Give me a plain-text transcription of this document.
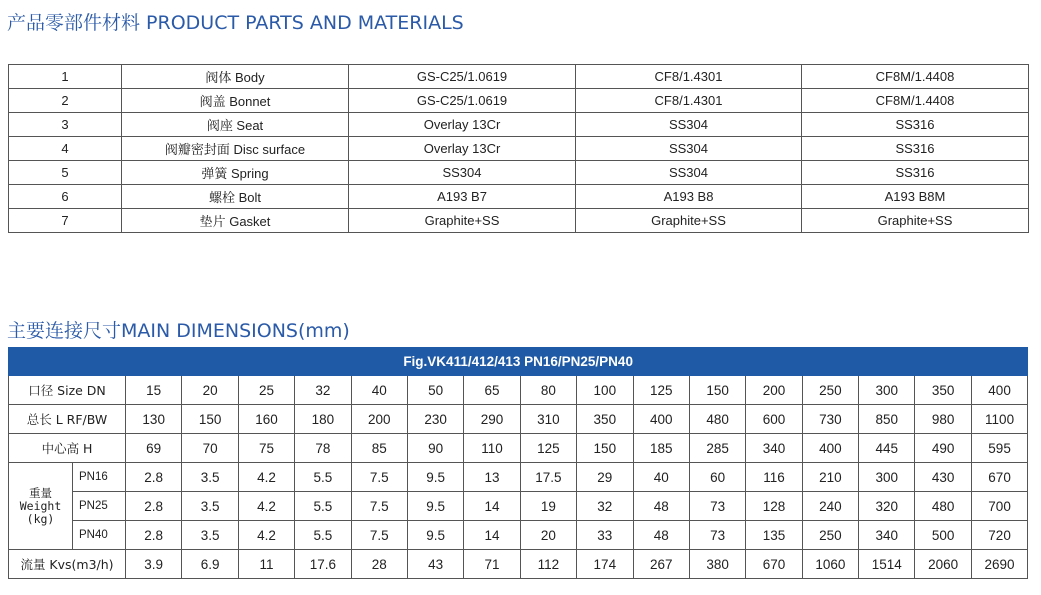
产品零部件材料 PRODUCT PARTS AND MATERIALS
1	阀体 Body	GS-C25/1.0619	CF8/1.4301	CF8M/1.4408
2	阀盖 Bonnet	GS-C25/1.0619	CF8/1.4301	CF8M/1.4408
3	阀座 Seat	Overlay 13Cr	SS304	SS316
4	阀瓣密封面 Disc surface	Overlay 13Cr	SS304	SS316
5	弹簧 Spring	SS304	SS304	SS316
6	螺栓 Bolt	A193 B7	A193 B8	A193 B8M
7	垫片 Gasket	Graphite+SS	Graphite+SS	Graphite+SS
主要连接尺寸MAIN DIMENSIONS(mm)
Fig.VK411/412/413 PN16/PN25/PN40																	
口径 Size DN		15	20	25	32	40	50	65	80	100	125	150	200	250	300	350	400
总长 L RF/BW		130	150	160	180	200	230	290	310	350	400	480	600	730	850	980	1100
中心高 H		69	70	75	78	85	90	110	125	150	185	285	340	400	445	490	595

重量
Weight
(kg)	PN16	2.8	3.5	4.2	5.5	7.5	9.5	13	17.5	29	40	60	116	210	300	430	670
	PN25	2.8	3.5	4.2	5.5	7.5	9.5	14	19	32	48	73	128	240	320	480	700
	PN40	2.8	3.5	4.2	5.5	7.5	9.5	14	20	33	48	73	135	250	340	500	720
流量 Kvs(m3/h)		3.9	6.9	11	17.6	28	43	71	112	174	267	380	670	1060	1514	2060	2690
